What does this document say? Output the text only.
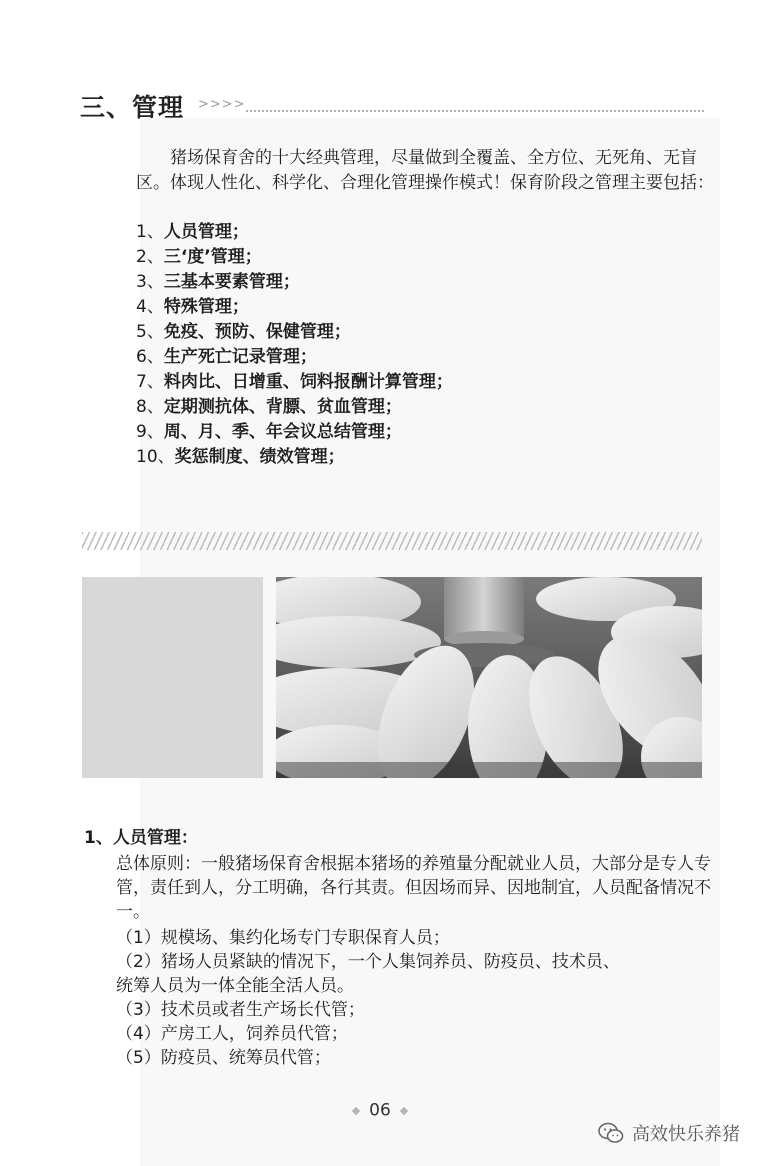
三、管理 >>>>

猪场保育舍的十大经典管理，尽量做到全覆盖、全方位、无死角、无盲区。体现人性化、科学化、合理化管理操作模式！保育阶段之管理主要包括：

1、人员管理；
2、三‘度’管理；
3、三基本要素管理；
4、特殊管理；
5、免疫、预防、保健管理；
6、生产死亡记录管理；
7、料肉比、日增重、饲料报酬计算管理；
8、定期测抗体、背膘、贫血管理；
9、周、月、季、年会议总结管理；
10、奖惩制度、绩效管理；
1、人员管理：

总体原则：一般猪场保育舍根据本猪场的养殖量分配就业人员，大部分是专人专管，责任到人，分工明确，各行其责。但因场而异、因地制宜，人员配备情况不一。

（1）规模场、集约化场专门专职保育人员；
（2）猪场人员紧缺的情况下，一个人集饲养员、防疫员、技术员、
统筹人员为一体全能全活人员。
（3）技术员或者生产场长代管；
（4）产房工人，饲养员代管；
（5）防疫员、统筹员代管；
06
高效快乐养猪
